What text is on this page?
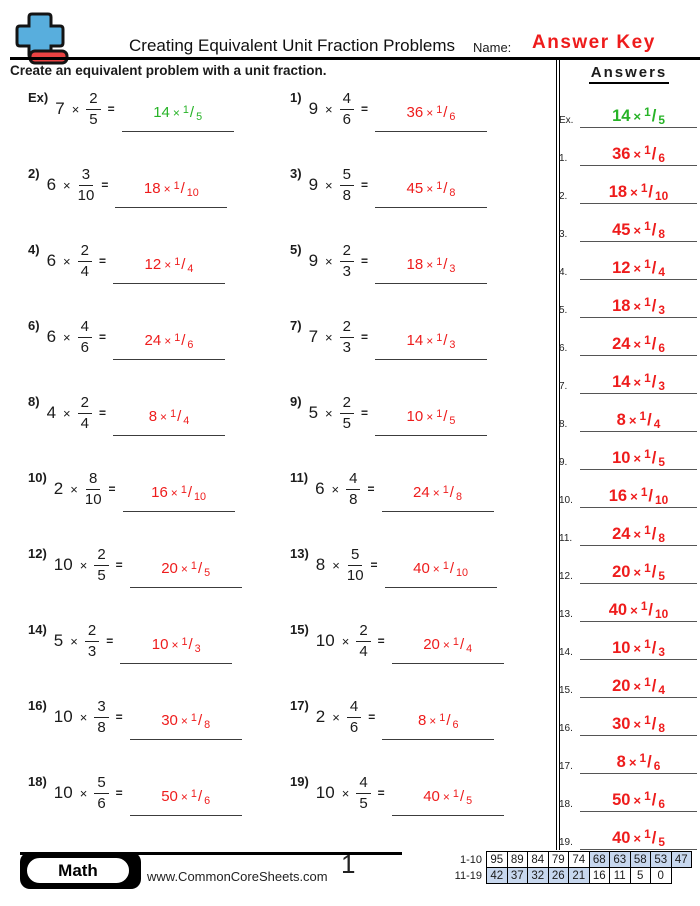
Creating Equivalent Unit Fraction Problems Name: Answer Key
Create an equivalent problem with a unit fraction.	Answers
Ex.	14 × $^1$/ 5
1.	36 × $^1$/ 6
2.	18 × $^1$/ 10
3.	45 × $^1$/ 8
4.	12 × $^1$/ 4
5.	18 × $^1$/ 3
6.	24 × $^1$/ 6
7.	14 × $^1$/ 3
8.	8 × $^1$/ 4
9.	10 × $^1$/ 5
10.	16 × $^1$/ 10
11.	24 × $^1$/ 8
12.	20 × $^1$/ 5
13.	40 × $^1$/ 10
14.	10 × $^1$/ 3
15.	20 × $^1$/ 4
16.	30 × $^1$/ 8
17.	8 × $^1$/ 6
18.	50 × $^1$/ 6
19.	40 × $^1$/ 5
Ex)
$7 \times \frac{2}{5}$ =	14 × $^1$/ 5
1)
$9 \times \frac{4}{6}$ =	36 × $^1$/ 6
2)
$6 \times \frac{3}{10}$ =	18 × $^1$/ 10
3)
$9 \times \frac{5}{8}$ =	45 × $^1$/ 8
4)
$6 \times \frac{2}{4}$ =	12 × $^1$/ 4
5)
$9 \times \frac{2}{3}$ =	18 × $^1$/ 3
6)
$6 \times \frac{4}{6}$ =	24 × $^1$/ 6
7)
$7 \times \frac{2}{3}$ =	14 × $^1$/ 3
8)
$4 \times \frac{2}{4}$ =	8 × $^1$/ 4
9)
$5 \times \frac{2}{5}$ =	10 × $^1$/ 5
10)
$2 \times \frac{8}{10}$ =	16 × $^1$/ 10
11)
$6 \times \frac{4}{8}$ =	24 × $^1$/ 8
12)
$10 \times \frac{2}{5}$ =	20 × $^1$/ 5
13)
$8 \times \frac{5}{10}$ =	40 × $^1$/ 10
14)
$5 \times \frac{2}{3}$ =	10 × $^1$/ 3
15)
$10 \times \frac{2}{4}$ =	20 × $^1$/ 4
16)
$10 \times \frac{3}{8}$ =	30 × $^1$/ 8
17)
$2 \times \frac{4}{6}$ =	8 × $^1$/ 6
18)
$10 \times \frac{5}{6}$ =	50 × $^1$/ 6
19)
$10 \times \frac{4}{5}$ =	40 × $^1$/ 5
Math	www.CommonCoreSheets.com 1	1-10 95 89 84 79 74 68 63 58 53 47
11-19 42 37 32 26 21 16 11 5	0
